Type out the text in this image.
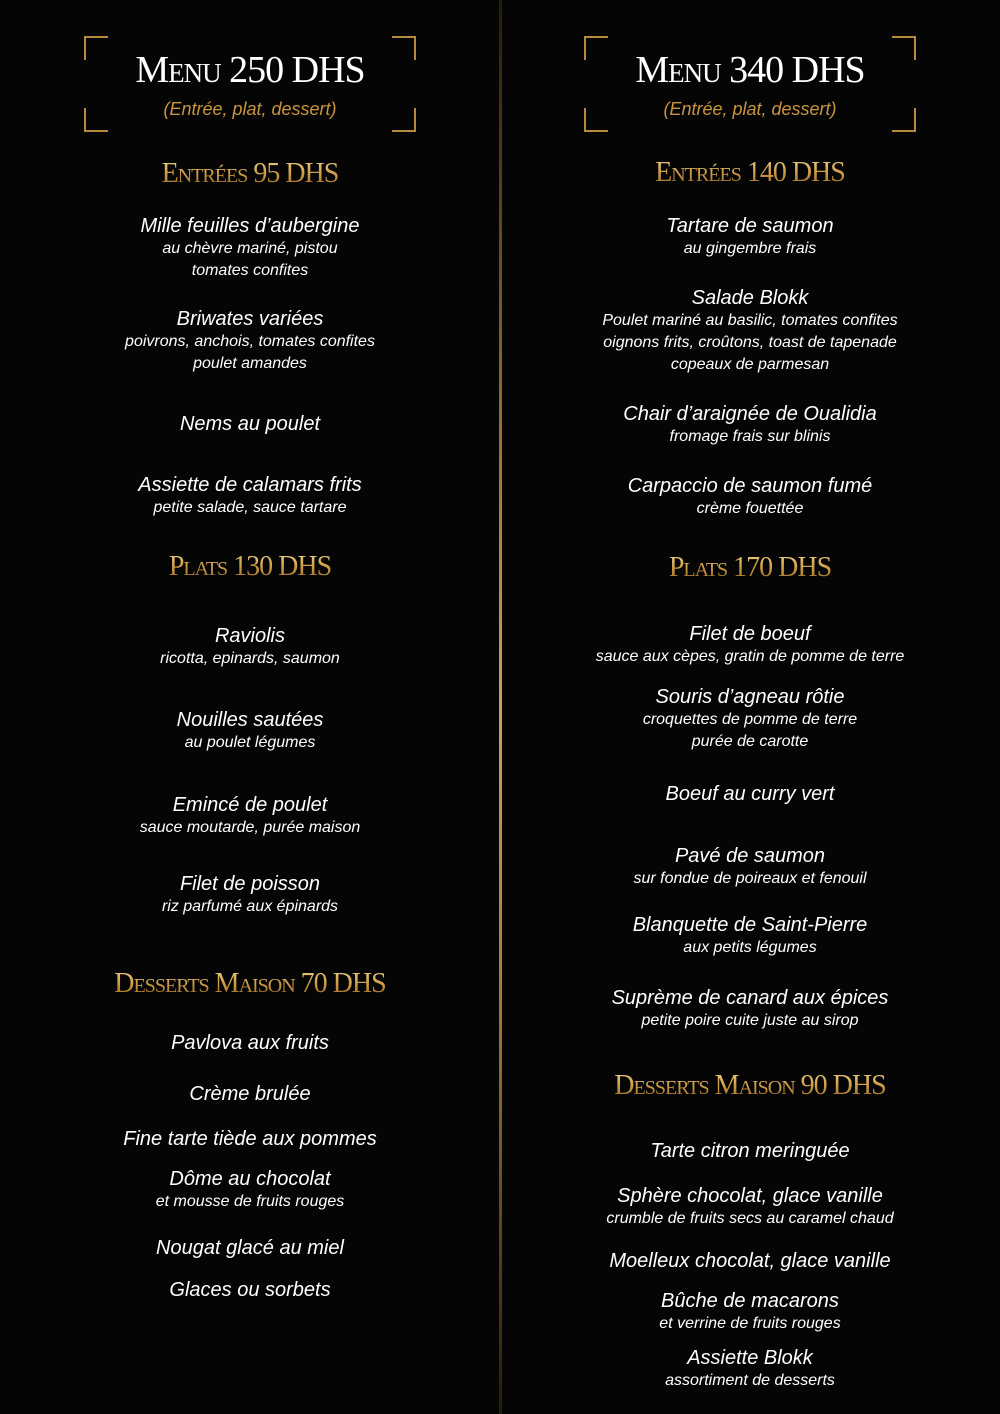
Menu 250 DHS
(Entrée, plat, dessert)
Entrées 95 DHS
Mille feuilles d’aubergine
au chèvre mariné, pistou
tomates confites
Briwates variées
poivrons, anchois, tomates confites
poulet amandes
Nems au poulet
Assiette de calamars frits
petite salade, sauce tartare
Plats 130 DHS
Raviolis
ricotta, epinards, saumon
Nouilles sautées
au poulet légumes
Emincé de poulet
sauce moutarde, purée maison
Filet de poisson
riz parfumé aux épinards
Desserts Maison 70 DHS
Pavlova aux fruits
Crème brulée
Fine tarte tiède aux pommes
Dôme au chocolat
et mousse de fruits rouges
Nougat glacé au miel
Glaces ou sorbets
Menu 340 DHS
(Entrée, plat, dessert)
Entrées 140 DHS
Tartare de saumon
au gingembre frais
Salade Blokk
Poulet mariné au basilic, tomates confites
oignons frits, croûtons, toast de tapenade
copeaux de parmesan
Chair d’araignée de Oualidia
fromage frais sur blinis
Carpaccio de saumon fumé
crème fouettée
Plats 170 DHS
Filet de boeuf
sauce aux cèpes, gratin de pomme de terre
Souris d’agneau rôtie
croquettes de pomme de terre
purée de carotte
Boeuf au curry vert
Pavé de saumon
sur fondue de poireaux et fenouil
Blanquette de Saint-Pierre
aux petits légumes
Suprème de canard aux épices
petite poire cuite juste au sirop
Desserts Maison 90 DHS
Tarte citron meringuée
Sphère chocolat, glace vanille
crumble de fruits secs au caramel chaud
Moelleux chocolat, glace vanille
Bûche de macarons
et verrine de fruits rouges
Assiette Blokk
assortiment de desserts
